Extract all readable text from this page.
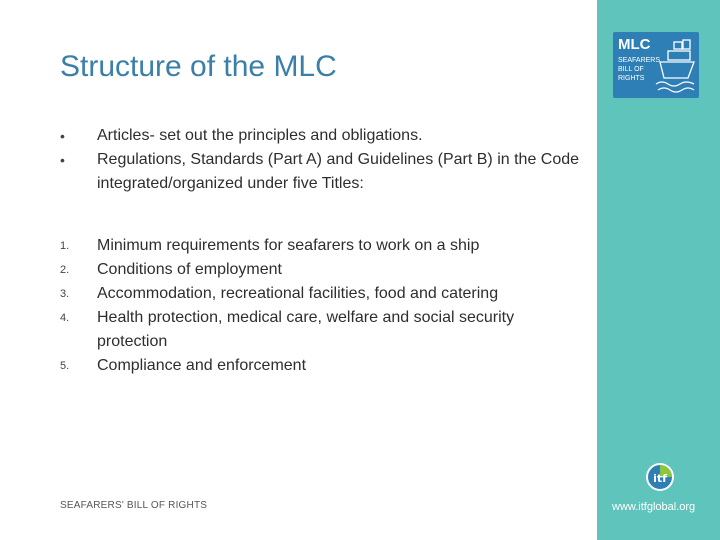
Structure of the MLC
•	Articles- set out the principles and obligations.
•	Regulations, Standards (Part A) and Guidelines (Part B) in the Code integrated/organized under five Titles:
1.	Minimum requirements for seafarers to work on a ship
2.	Conditions of employment
3.	Accommodation, recreational facilities, food and catering
4.	Health protection, medical care, welfare and social security protection
5.	Compliance and enforcement
SEAFARERS' BILL OF RIGHTS
MLC
SEAFARERS BILL OF RIGHTS
itf
www.itfglobal.org
